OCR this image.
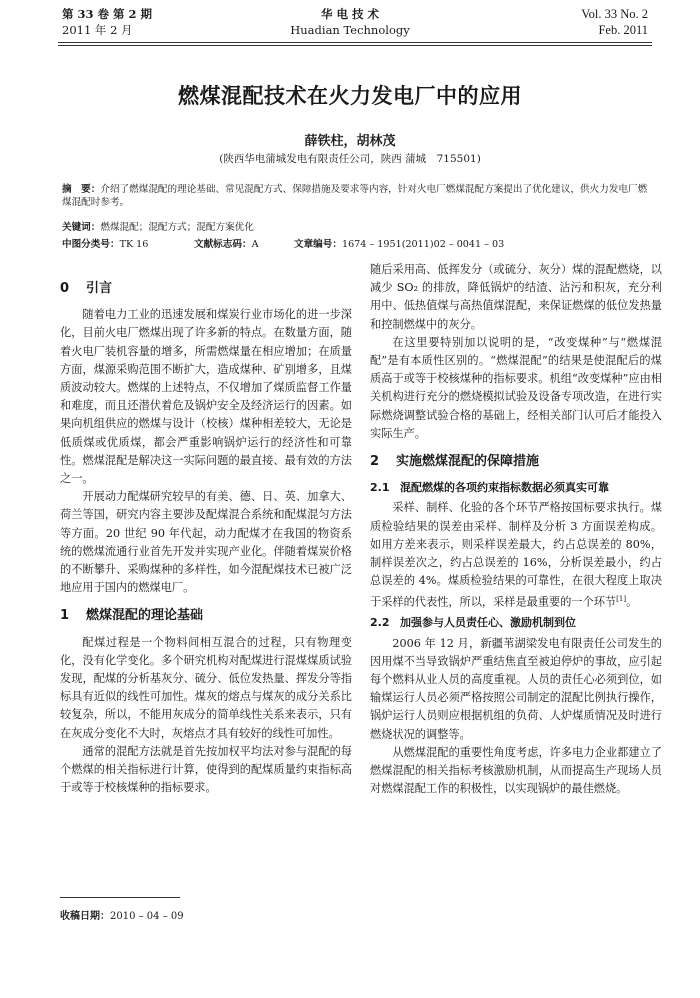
第 33 卷 第 2 期
2011 年 2 月
华 电 技 术
Huadian Technology
Vol. 33 No. 2
Feb. 2011
燃煤混配技术在火力发电厂中的应用
薛铁柱，胡林茂
(陕西华电蒲城发电有限责任公司，陕西 蒲城　715501)
摘　要：介绍了燃煤混配的理论基础、常见混配方式、保障措施及要求等内容，针对火电厂燃煤混配方案提出了优化建议，供火力发电厂燃煤混配时参考。
关键词：燃煤混配；混配方式；混配方案优化
中图分类号：TK 16	文献标志码：A	文章编号：1674 – 1951(2011)02 – 0041 – 03
0 引言

随着电力工业的迅速发展和煤炭行业市场化的进一步深化，目前火电厂燃煤出现了许多新的特点。在数量方面，随着火电厂装机容量的增多，所需燃煤量在相应增加；在质量方面，煤源采购范围不断扩大，造成煤种、矿别增多，且煤质波动较大。燃煤的上述特点，不仅增加了煤质监督工作量和难度，而且还潜伏着危及锅炉安全及经济运行的因素。如果向机组供应的燃煤与设计（校核）煤种相差较大，无论是低质煤或优质煤，都会严重影响锅炉运行的经济性和可靠性。燃煤混配是解决这一实际问题的最直接、最有效的方法之一。

开展动力配煤研究较早的有美、德、日、英、加拿大、荷兰等国，研究内容主要涉及配煤混合系统和配煤混匀方法等方面。20 世纪 90 年代起，动力配煤才在我国的物资系统的燃煤流通行业首先开发并实现产业化。伴随着煤炭价格的不断攀升、采购煤种的多样性，如今混配煤技术已被广泛地应用于国内的燃煤电厂。

1 燃煤混配的理论基础

配煤过程是一个物料间相互混合的过程，只有物理变化，没有化学变化。多个研究机构对配煤进行混煤煤质试验发现，配煤的分析基灰分、硫分、低位发热量、挥发分等指标具有近似的线性可加性。煤灰的熔点与煤灰的成分关系比较复杂，所以，不能用灰成分的简单线性关系来表示，只有在灰成分变化不大时，灰熔点才具有较好的线性可加性。

通常的混配方法就是首先按加权平均法对参与混配的每个燃煤的相关指标进行计算，使得到的配煤质量约束指标高于或等于校核煤种的指标要求。

随后采用高、低挥发分（或硫分、灰分）煤的混配燃烧，以减少 SO₂ 的排放，降低锅炉的结渣、沾污和积灰，充分利用中、低热值煤与高热值煤混配，来保证燃煤的低位发热量和控制燃煤中的灰分。

在这里要特别加以说明的是，“改变煤种”与“燃煤混配”是有本质性区别的。“燃煤混配”的结果是使混配后的煤质高于或等于校核煤种的指标要求。机组“改变煤种”应由相关机构进行充分的燃烧模拟试验及设备专项改造，在进行实际燃烧调整试验合格的基础上，经相关部门认可后才能投入实际生产。

2 实施燃煤混配的保障措施
2.1 混配燃煤的各项约束指标数据必须真实可靠

采样、制样、化验的各个环节严格按国标要求执行。煤质检验结果的误差由采样、制样及分析 3 方面误差构成。如用方差来表示，则采样误差最大，约占总误差的 80%，制样误差次之，约占总误差的 16%，分析误差最小，约占总误差的 4%。煤质检验结果的可靠性，在很大程度上取决于采样的代表性，所以，采样是最重要的一个环节[1]。

2.2 加强参与人员责任心、激励机制到位

2006 年 12 月，新疆苇湖梁发电有限责任公司发生的因用煤不当导致锅炉严重结焦直至被迫停炉的事故，应引起每个燃料从业人员的高度重视。人员的责任心必须到位，如输煤运行人员必须严格按照公司制定的混配比例执行操作，锅炉运行人员则应根据机组的负荷、人炉煤质情况及时进行燃烧状况的调整等。

从燃煤混配的重要性角度考虑，许多电力企业都建立了燃煤混配的相关指标考核激励机制，从而提高生产现场人员对燃煤混配工作的积极性，以实现锅炉的最佳燃烧。

收稿日期：2010 – 04 – 09
